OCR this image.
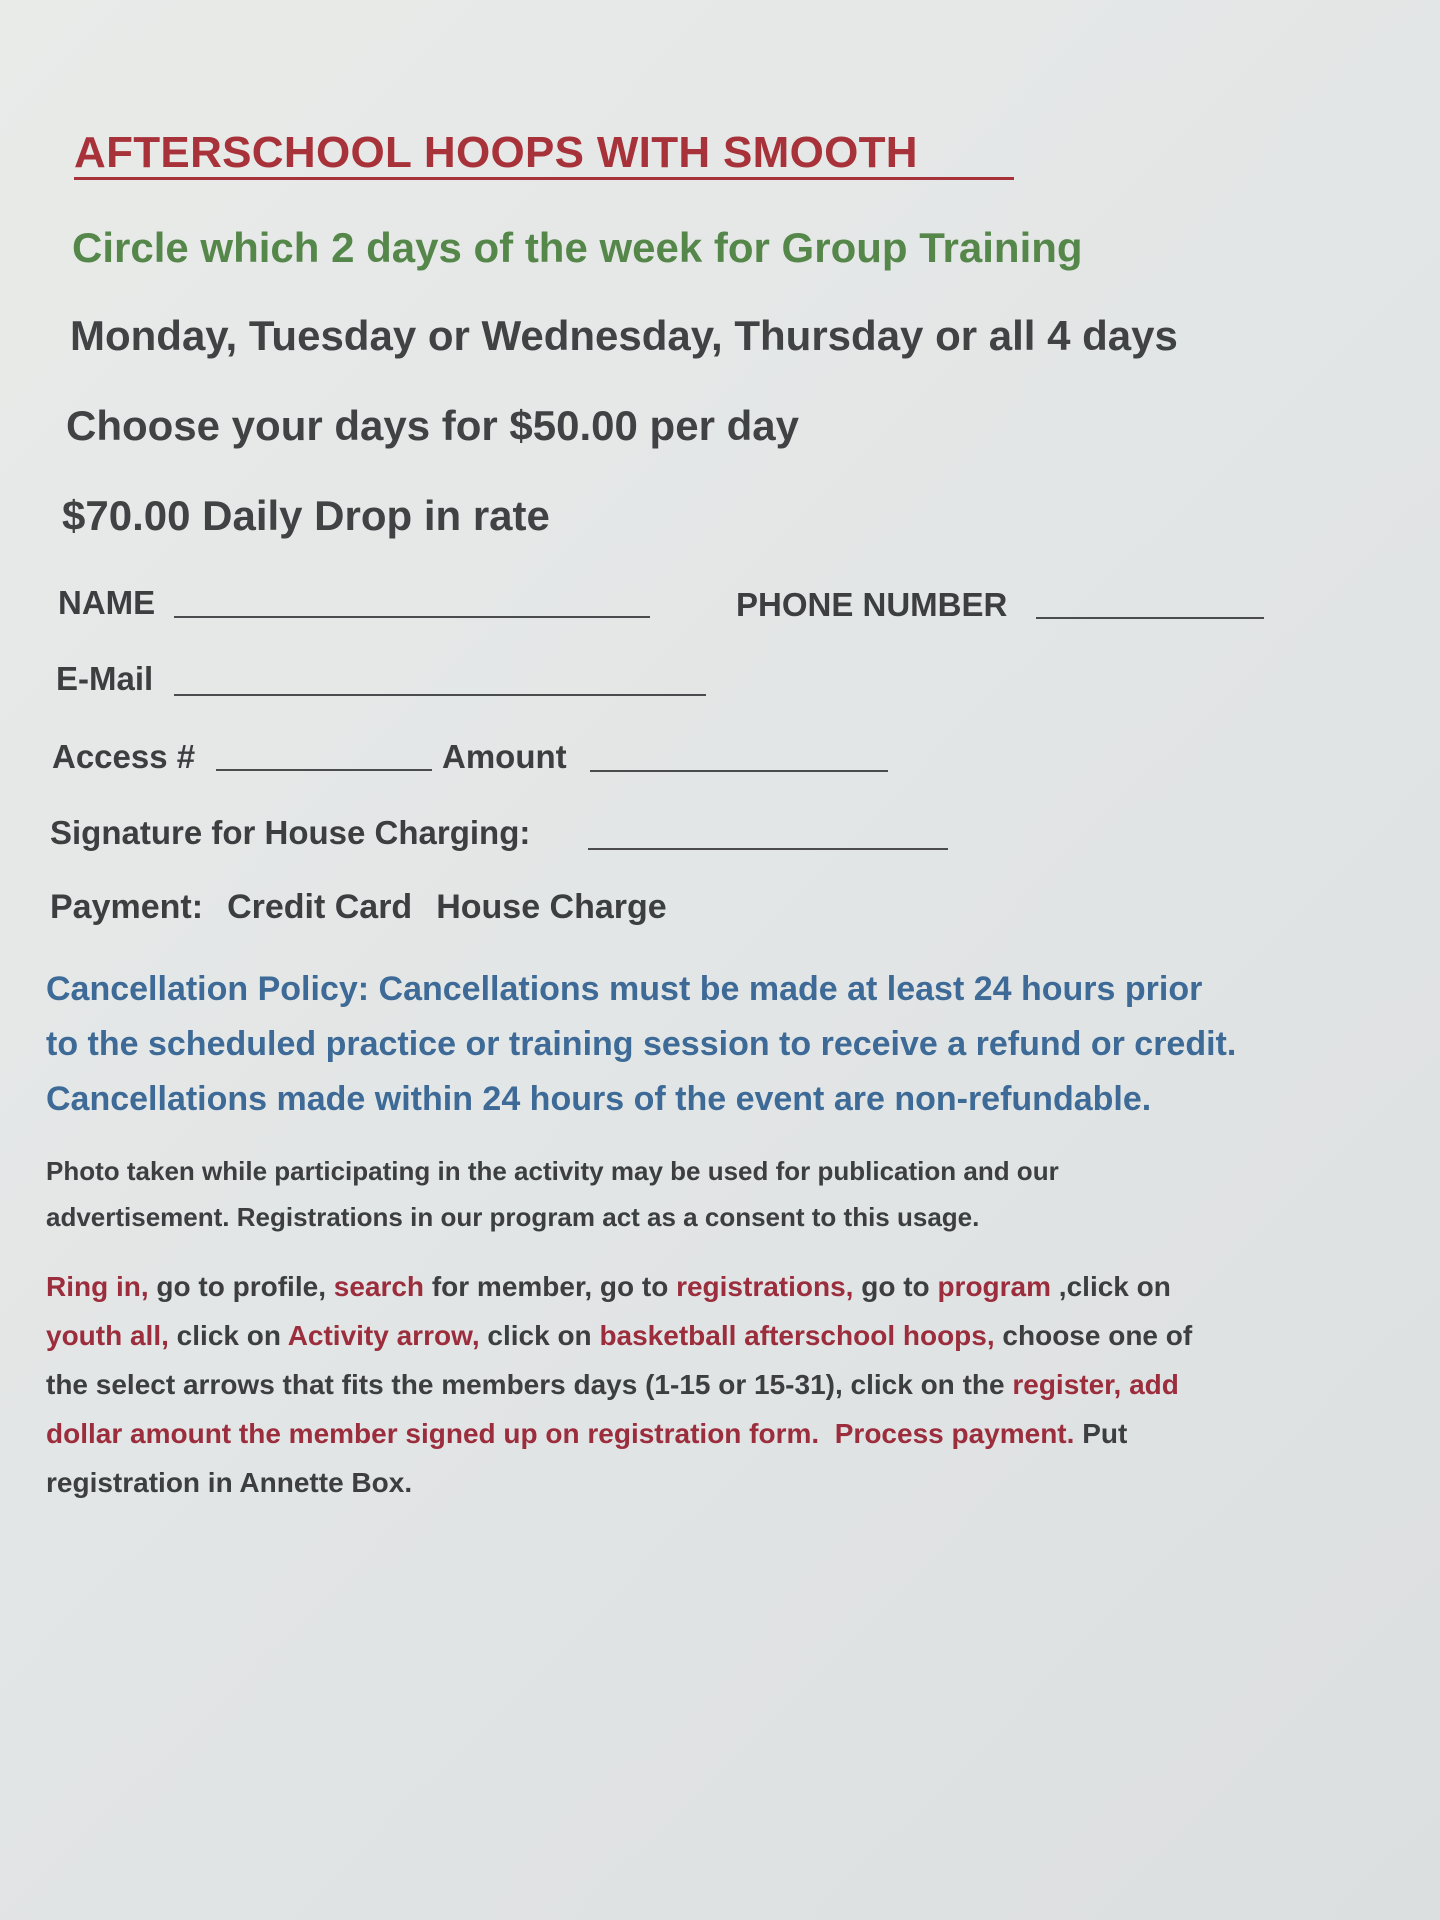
AFTERSCHOOL HOOPS WITH SMOOTH
Circle which 2 days of the week for Group Training
Monday, Tuesday or Wednesday, Thursday or all 4 days
Choose your days for $50.00 per day
$70.00 Daily Drop in rate
NAME	PHONE NUMBER
E-Mail
Access #	Amount
Signature for House Charging:
Payment: Credit Card House Charge
Cancellation Policy: Cancellations must be made at least 24 hours prior
to the scheduled practice or training session to receive a refund or credit.
Cancellations made within 24 hours of the event are non-refundable.
Photo taken while participating in the activity may be used for publication and our
advertisement. Registrations in our program act as a consent to this usage.
Ring in, go to profile, search for member, go to registrations, go to program ,click on
youth all, click on Activity arrow, click on basketball afterschool hoops, choose one of
the select arrows that fits the members days (1-15 or 15-31), click on the register, add
dollar amount the member signed up on registration form.  Process payment. Put
registration in Annette Box.
